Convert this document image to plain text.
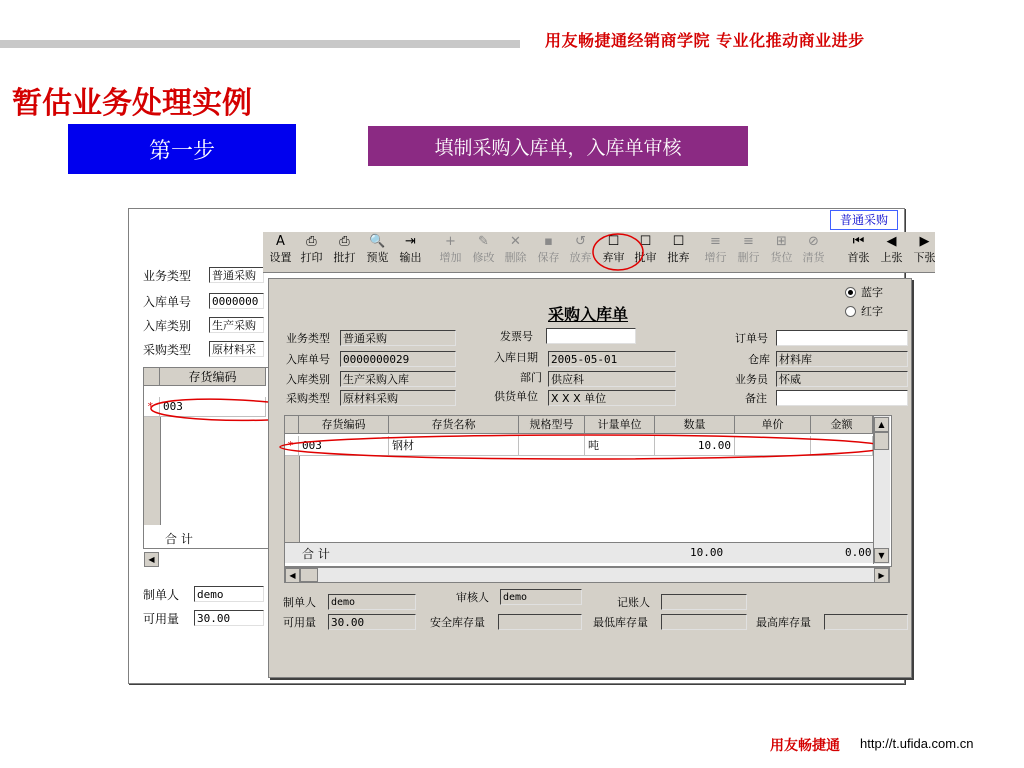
用友畅捷通经销商学院 专业化推动商业进步
暂估业务处理实例
第一步	填制采购入库单，入库单审核
普通采购
业务类型 普通采购
入库单号 0000000
入库类别 生产采购
采购类型 原材料采
存货编码
* 003
合 计
◀
制单人 demo
可用量 30.00
A
设置
⎙
打印
⎙
批打
🔍
预览
⇥
输出
+
增加
✎
修改
✕
删除
▪
保存
↺
放弃
☐
弃审
☐
批审
☐
批弃
≡
增行
≡
删行
⊞
货位
⊘
清货
⏮
首张
◀
上张
▶
下张
采购入库单
蓝字
红字
业务类型 普通采购	发票号	订单号
入库单号 0000000029	入库日期 2005-05-01	仓库 材料库
入库类别 生产采购入库	部门 供应科	业务员 怀威
采购类型 原材料采购	供货单位 X X X 单位	备注
存货编码	存货名称	规格型号	计量单位	数量	单价	金额
* 003	钢材	吨	10.00
合 计	10.00	0.00
▲
▼
◀	▶
制单人	demo	审核人	demo	记账人
可用量 30.00	安全库存量	最低库存量	最高库存量
用友畅捷通 http://t.ufida.com.cn
